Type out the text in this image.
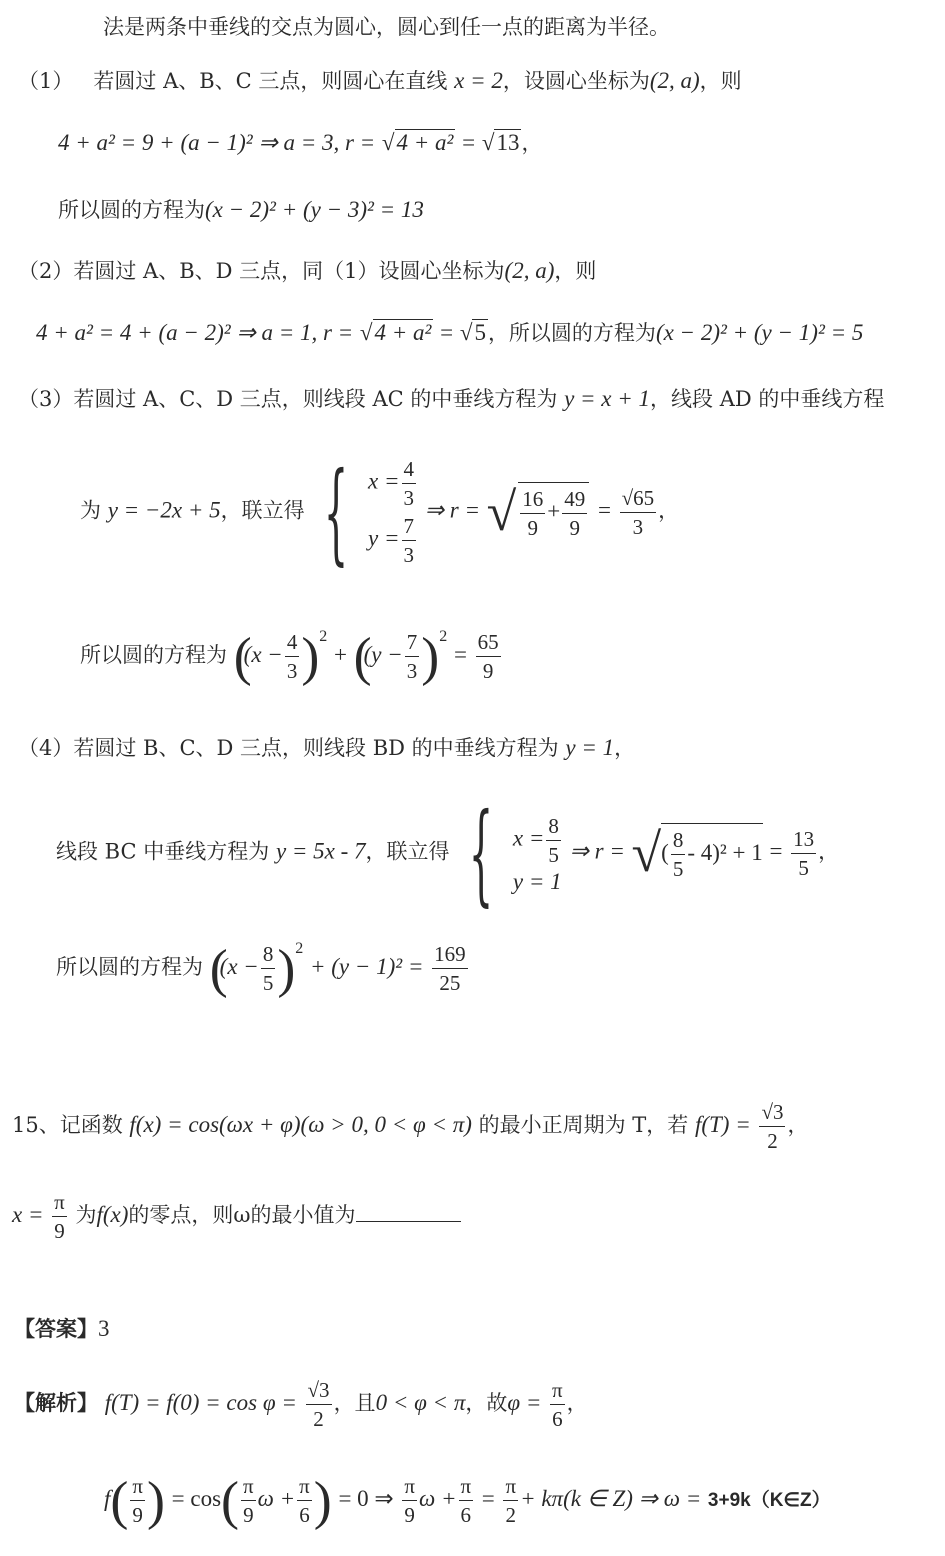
法是两条中垂线的交点为圆心，圆心到任一点的距离为半径。
（1） 若圆过 A、B、C 三点，则圆心在直线 x = 2，设圆心坐标为(2, a)，则
4 + a² = 9 + (a − 1)² ⇒ a = 3, r = √4 + a² = √13，
所以圆的方程为(x − 2)² + (y − 3)² = 13
（2）若圆过 A、B、D 三点，同（1）设圆心坐标为(2, a)，则
4 + a² = 4 + (a − 2)² ⇒ a = 1, r = √4 + a² = √5，所以圆的方程为(x − 2)² + (y − 1)² = 5
（3）若圆过 A、C、D 三点，则线段 AC 的中垂线方程为 y = x + 1，线段 AD 的中垂线方程
为 y = −2x + 5，联立得 { $x = \frac{4}{3}$
$y = \frac{7}{3}$
⇒ r = √ $\frac{16}{9} + \frac{49}{9} = \frac{√65}{3}$ ，
所以圆的方程为 ($(x - \frac{4}{3} )^2 + ((y - \frac{7}{3} )^2 = \frac{65}{9}$
（4）若圆过 B、C、D 三点，则线段 BD 的中垂线方程为 y = 1，
线段 BC 中垂线方程为 y = 5x - 7，联立得 { $x = \frac{8}{5}$
y = 1
⇒ r = √( $\frac{8}{5} - 4)^2 + 1 = \frac{13}{5}$ ，
所以圆的方程为 ($(x - \frac{8}{5} )^2 + (y - 1)^2 = \frac{169}{25}$
15、记函数 f(x) = cos(ωx + φ)(ω > 0, 0 < φ < π) 的最小正周期为 T，若 $f(T) = \frac{√3}{2}$ ，
$x = \frac{\pi}{9}$ 为f(x)的零点，则ω的最小值为
【答案】3
【解析】 $f(T) = f(0) = \cos \varphi = \frac{√3}{2}$ ，且0 < φ < π，故$\varphi = \frac{\pi}{6}$ ，
$f( \frac{\pi}{9}$ ) = $\cos( \frac{\pi}{9}$ $\omega + \frac{\pi}{6}$ ) = 0 ⇒ $\frac{\pi}{9}$ $\omega + \frac{\pi}{6} = \frac{\pi}{2} + k\pi(k$ ∈ Z) ⇒ ω = 3+9k（K∈Z）
